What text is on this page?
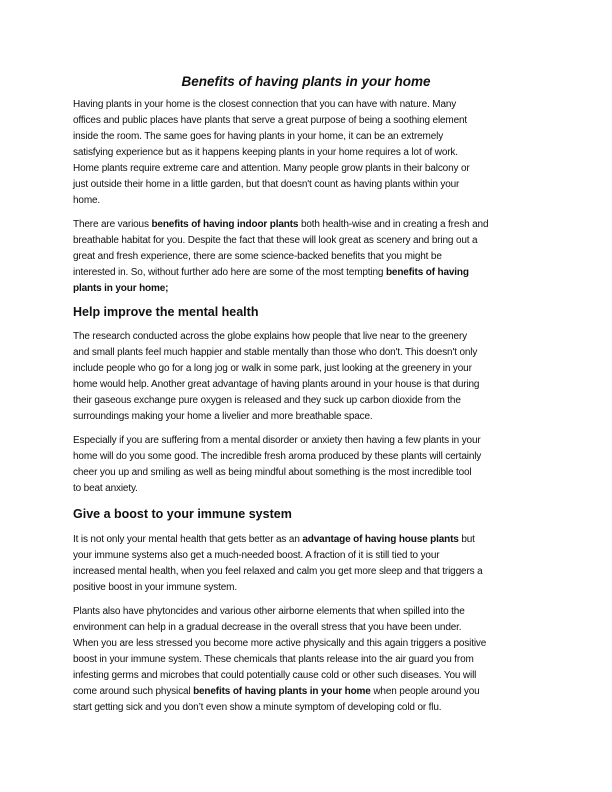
Benefits of having plants in your home
Having plants in your home is the closest connection that you can have with nature. Many
offices and public places have plants that serve a great purpose of being a soothing element
inside the room. The same goes for having plants in your home, it can be an extremely
satisfying experience but as it happens keeping plants in your home requires a lot of work.
Home plants require extreme care and attention. Many people grow plants in their balcony or
just outside their home in a little garden, but that doesn't count as having plants within your
home.
There are various benefits of having indoor plants both health-wise and in creating a fresh and
breathable habitat for you. Despite the fact that these will look great as scenery and bring out a
great and fresh experience, there are some science-backed benefits that you might be
interested in. So, without further ado here are some of the most tempting benefits of having
plants in your home;
Help improve the mental health
The research conducted across the globe explains how people that live near to the greenery
and small plants feel much happier and stable mentally than those who don't. This doesn't only
include people who go for a long jog or walk in some park, just looking at the greenery in your
home would help. Another great advantage of having plants around in your house is that during
their gaseous exchange pure oxygen is released and they suck up carbon dioxide from the
surroundings making your home a livelier and more breathable space.
Especially if you are suffering from a mental disorder or anxiety then having a few plants in your
home will do you some good. The incredible fresh aroma produced by these plants will certainly
cheer you up and smiling as well as being mindful about something is the most incredible tool
to beat anxiety.
Give a boost to your immune system
It is not only your mental health that gets better as an advantage of having house plants but
your immune systems also get a much-needed boost. A fraction of it is still tied to your
increased mental health, when you feel relaxed and calm you get more sleep and that triggers a
positive boost in your immune system.
Plants also have phytoncides and various other airborne elements that when spilled into the
environment can help in a gradual decrease in the overall stress that you have been under.
When you are less stressed you become more active physically and this again triggers a positive
boost in your immune system. These chemicals that plants release into the air guard you from
infesting germs and microbes that could potentially cause cold or other such diseases. You will
come around such physical benefits of having plants in your home when people around you
start getting sick and you don’t even show a minute symptom of developing cold or flu.
